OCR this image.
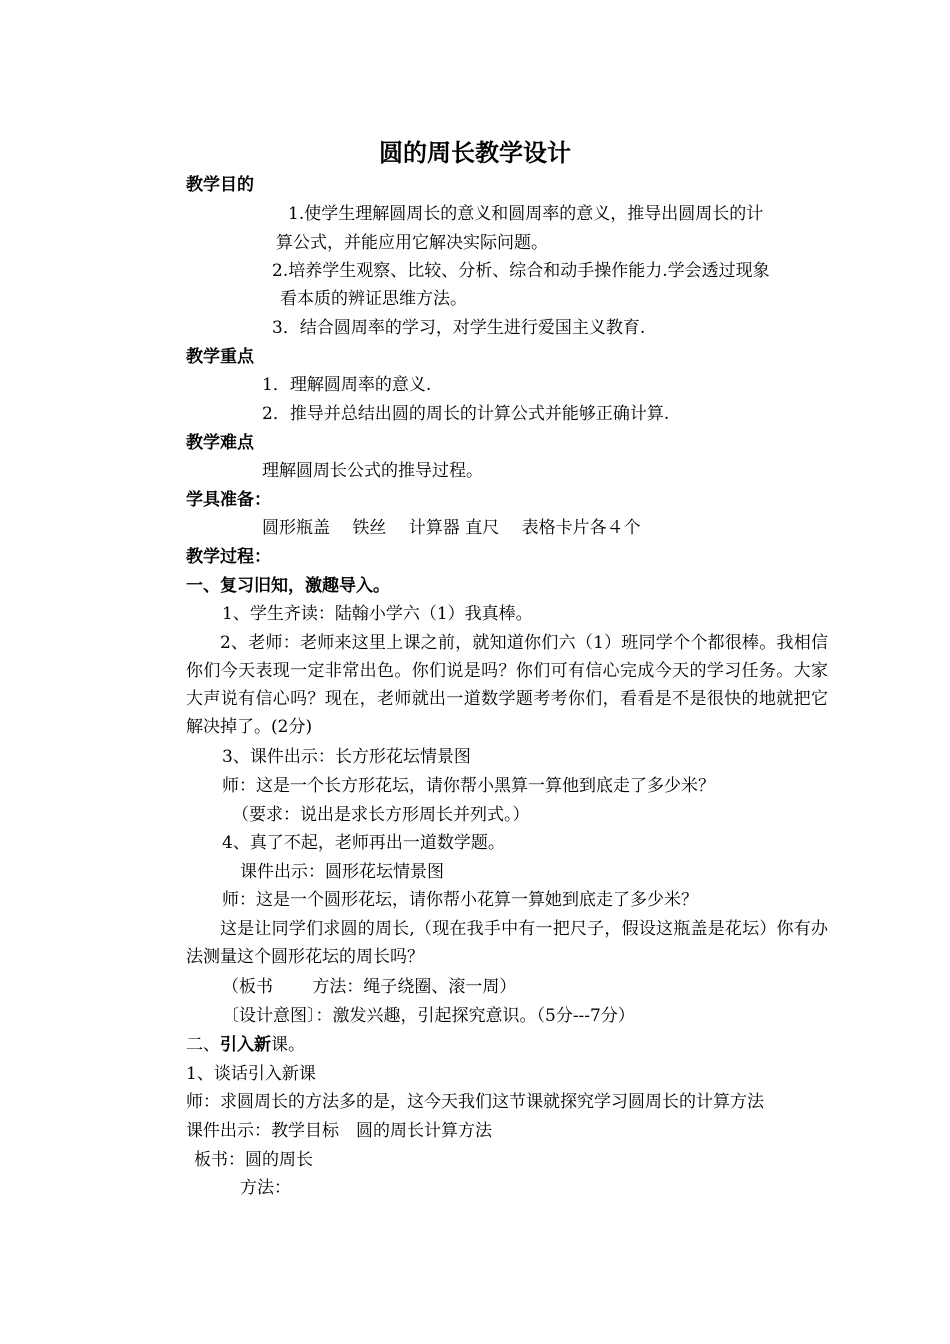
圆的周长教学设计
教学目的
1.使学生理解圆周长的意义和圆周率的意义，推导出圆周长的计
算公式，并能应用它解决实际问题。
2.培养学生观察、比较、分析、综合和动手操作能力.学会透过现象
看本质的辨证思维方法。
3．结合圆周率的学习，对学生进行爱国主义教育.
教学重点
1．理解圆周率的意义.
2．推导并总结出圆的周长的计算公式并能够正确计算.
教学难点
理解圆周长公式的推导过程。
学具准备：
圆形瓶盖　 铁丝　 计算器 直尺　 表格卡片各４个
教学过程：
一、复习旧知，激趣导入。
1、学生齐读：陆翰小学六（1）我真棒。
2、老师：老师来这里上课之前，就知道你们六（1）班同学个个都很棒。我相信你们今天表现一定非常出色。你们说是吗？你们可有信心完成今天的学习任务。大家大声说有信心吗？现在，老师就出一道数学题考考你们，看看是不是很快的地就把它解决掉了。(2分)
3、课件出示：长方形花坛情景图
师：这是一个长方形花坛，请你帮小黑算一算他到底走了多少米？
（要求：说出是求长方形周长并列式。）
4、真了不起，老师再出一道数学题。
课件出示：圆形花坛情景图
师：这是一个圆形花坛，请你帮小花算一算她到底走了多少米？
这是让同学们求圆的周长,（现在我手中有一把尺子，假设这瓶盖是花坛）你有办法测量这个圆形花坛的周长吗？
（板书　　 方法：绳子绕圈、滚一周）
〔设计意图〕：激发兴趣，引起探究意识。（5分---7分）
二、引入新课。
1、谈话引入新课
师：求圆周长的方法多的是，这今天我们这节课就探究学习圆周长的计算方法
课件出示：教学目标　圆的周长计算方法
板书：圆的周长
方法：
